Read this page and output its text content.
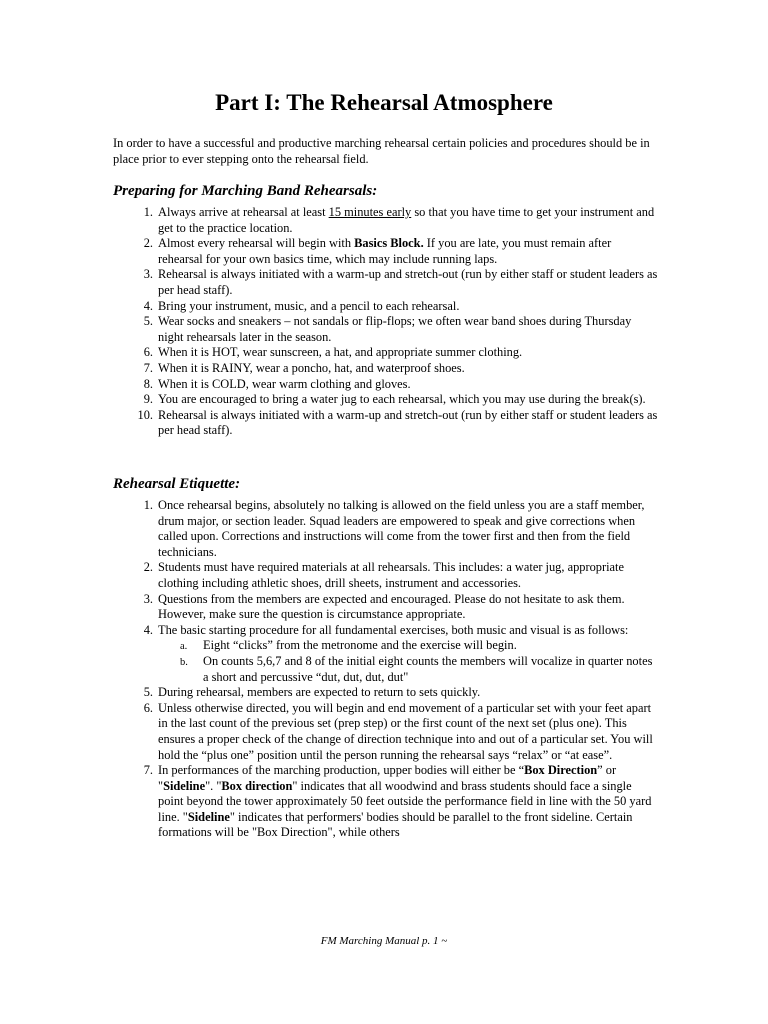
Part I: The Rehearsal Atmosphere

In order to have a successful and productive marching rehearsal certain policies and procedures should be in place prior to ever stepping onto the rehearsal field.

Preparing for Marching Band Rehearsals:
1. Always arrive at rehearsal at least 15 minutes early so that you have time to get your instrument and get to the practice location.
2. Almost every rehearsal will begin with Basics Block. If you are late, you must remain after rehearsal for your own basics time, which may include running laps.
3. Rehearsal is always initiated with a warm-up and stretch-out (run by either staff or student leaders as per head staff).
4. Bring your instrument, music, and a pencil to each rehearsal.
5. Wear socks and sneakers – not sandals or flip-flops; we often wear band shoes during Thursday night rehearsals later in the season.
6. When it is HOT, wear sunscreen, a hat, and appropriate summer clothing.
7. When it is RAINY, wear a poncho, hat, and waterproof shoes.
8. When it is COLD, wear warm clothing and gloves.
9. You are encouraged to bring a water jug to each rehearsal, which you may use during the break(s).
10. Rehearsal is always initiated with a warm-up and stretch-out (run by either staff or student leaders as per head staff).
Rehearsal Etiquette:
1. Once rehearsal begins, absolutely no talking is allowed on the field unless you are a staff member, drum major, or section leader. Squad leaders are empowered to speak and give corrections when called upon. Corrections and instructions will come from the tower first and then from the field technicians.
2. Students must have required materials at all rehearsals. This includes: a water jug, appropriate clothing including athletic shoes, drill sheets, instrument and accessories.
3. Questions from the members are expected and encouraged. Please do not hesitate to ask them. However, make sure the question is circumstance appropriate.
4. The basic starting procedure for all fundamental exercises, both music and visual is as follows:
a. Eight “clicks” from the metronome and the exercise will begin.
b. On counts 5,6,7 and 8 of the initial eight counts the members will vocalize in quarter notes a short and percussive “dut, dut, dut, dut"
5. During rehearsal, members are expected to return to sets quickly.
6. Unless otherwise directed, you will begin and end movement of a particular set with your feet apart in the last count of the previous set (prep step) or the first count of the next set (plus one). This ensures a proper check of the change of direction technique into and out of a particular set. You will hold the “plus one” position until the person running the rehearsal says “relax” or “at ease”.
7. In performances of the marching production, upper bodies will either be “Box Direction” or "Sideline". "Box direction" indicates that all woodwind and brass students should face a single point beyond the tower approximately 50 feet outside the performance field in line with the 50 yard line. "Sideline" indicates that performers' bodies should be parallel to the front sideline. Certain formations will be "Box Direction", while others
FM Marching Manual p. 1 ~
